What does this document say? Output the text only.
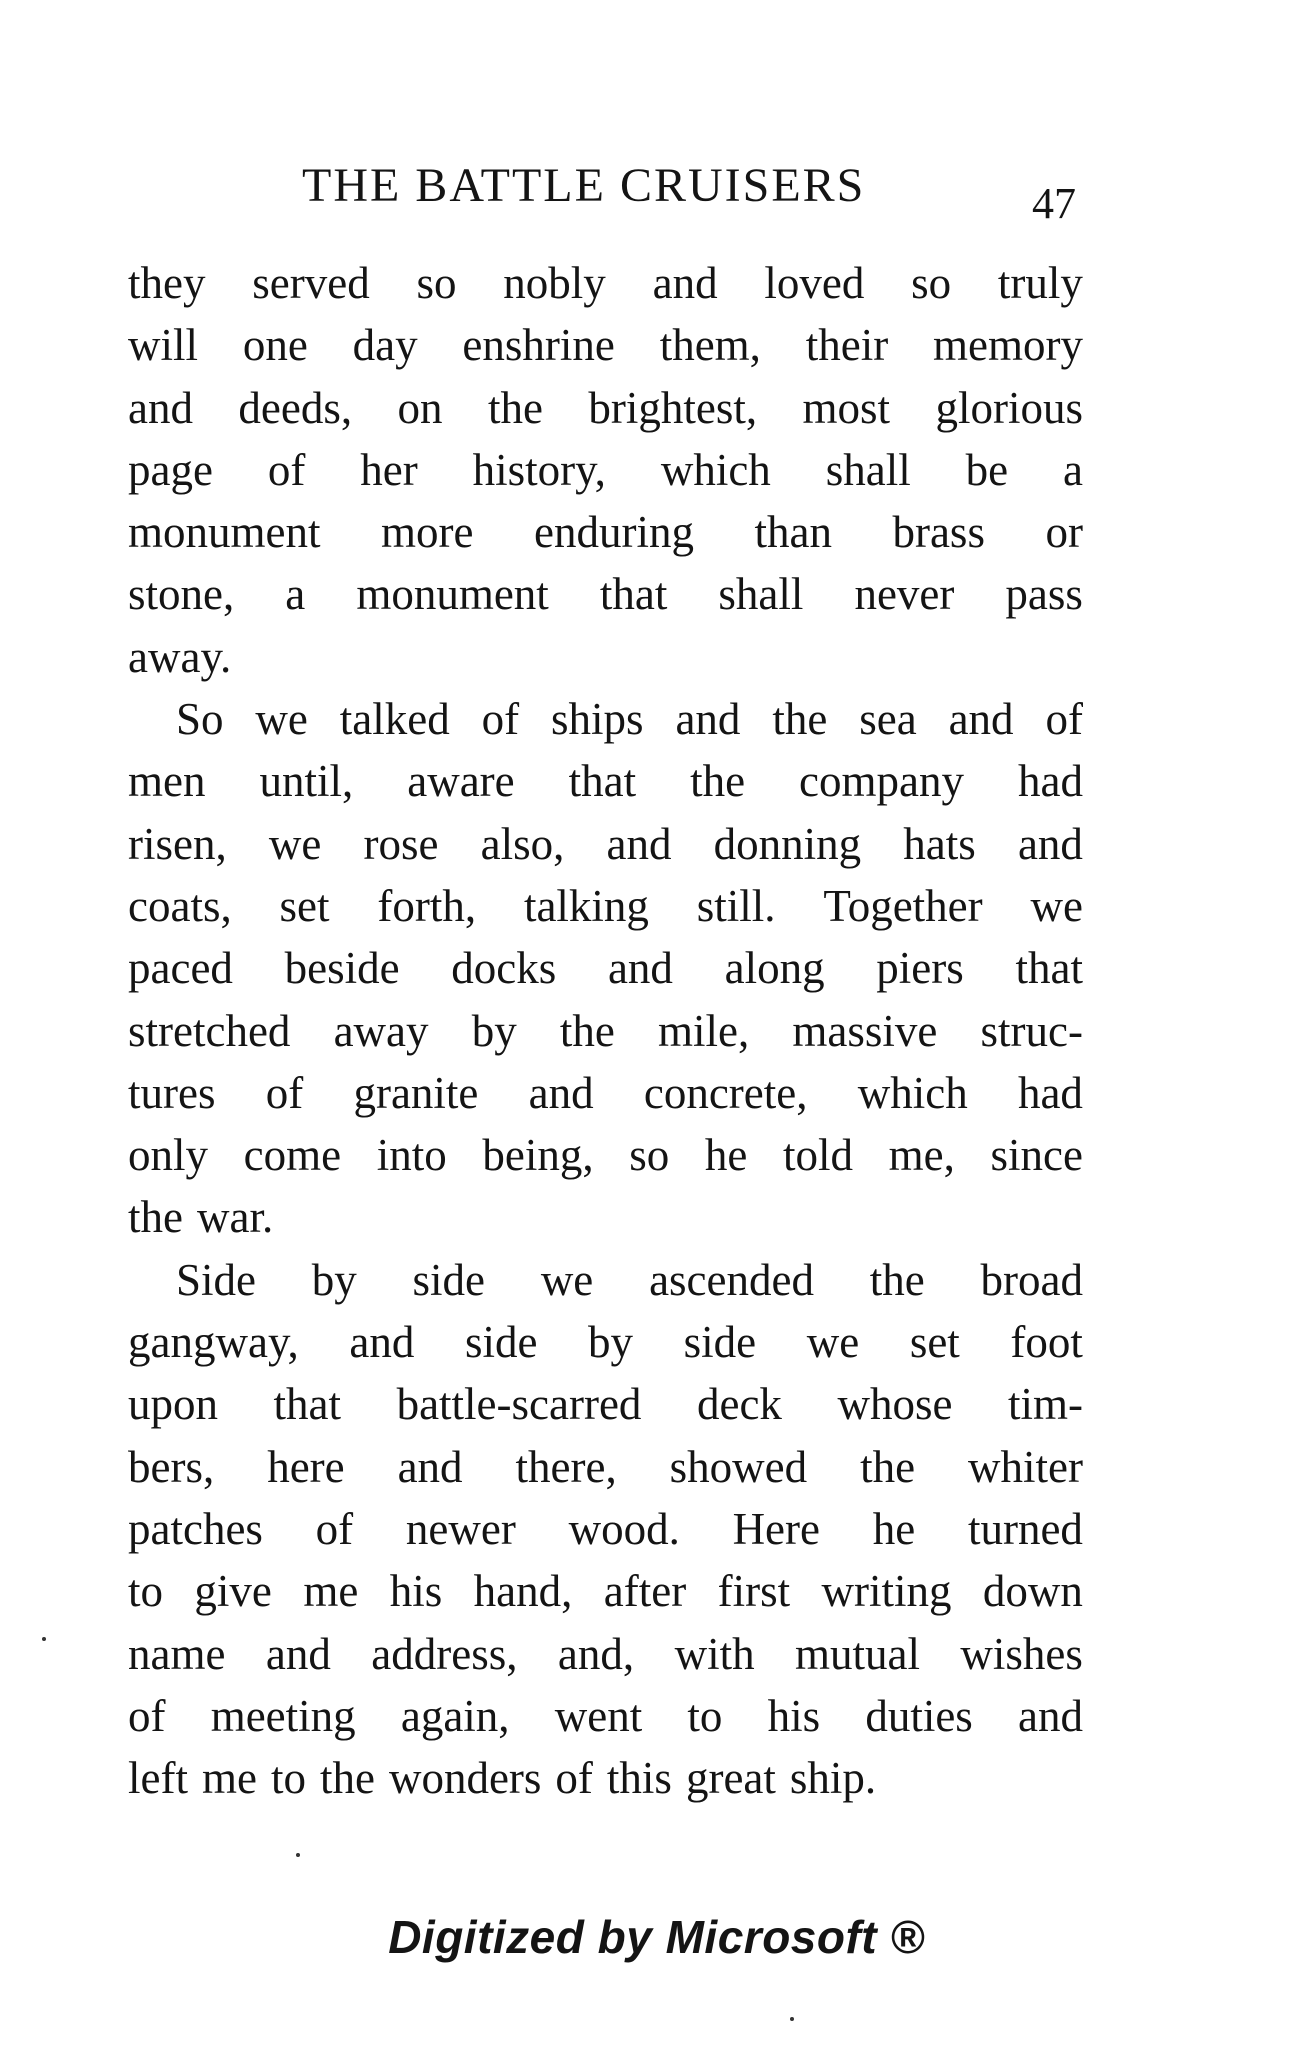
THE BATTLE CRUISERS	47
they served so nobly and loved so truly
will one day enshrine them, their memory
and deeds, on the brightest, most glorious
page of her history, which shall be a
monument more enduring than brass or
stone, a monument that shall never pass
away.
So we talked of ships and the sea and of
men until, aware that the company had
risen, we rose also, and donning hats and
coats, set forth, talking still. Together we
paced beside docks and along piers that
stretched away by the mile, massive struc-
tures of granite and concrete, which had
only come into being, so he told me, since
the war.
Side by side we ascended the broad
gangway, and side by side we set foot
upon that battle-scarred deck whose tim-
bers, here and there, showed the whiter
patches of newer wood. Here he turned
to give me his hand, after first writing down
name and address, and, with mutual wishes
of meeting again, went to his duties and
left me to the wonders of this great ship.
Digitized by Microsoft ®
